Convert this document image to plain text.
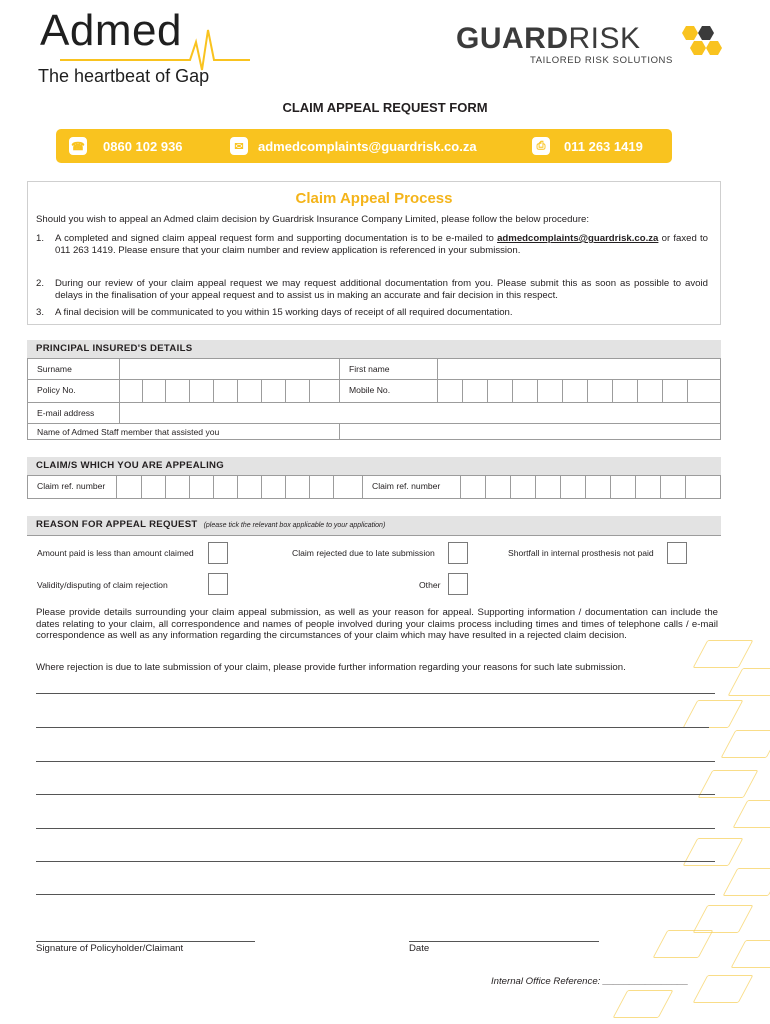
Admed
The heartbeat of Gap
GUARDRISK
TAILORED RISK SOLUTIONS
CLAIM APPEAL REQUEST FORM
☎ 0860 102 936	✉	admedcomplaints@guardrisk.co.za	⎙	011 263 1419
Claim Appeal Process
Should you wish to appeal an Admed claim decision by Guardrisk Insurance Company Limited, please follow the below procedure:
1. A completed and signed claim appeal request form and supporting documentation is to be e-mailed to admedcomplaints@guardrisk.co.za or faxed to 011 263 1419. Please ensure that your claim number and review application is referenced in your submission.
2. During our review of your claim appeal request we may request additional documentation from you. Please submit this as soon as possible to avoid delays in the finalisation of your appeal request and to assist us in making an accurate and fair decision in this respect.
3. A final decision will be communicated to you within 15 working days of receipt of all required documentation.
PRINCIPAL INSURED'S DETAILS
Surname	First name
Policy No.	Mobile No.
E-mail address
Name of Admed Staff member that assisted you
CLAIM/S WHICH YOU ARE APPEALING
Claim ref. number	Claim ref. number
REASON FOR APPEAL REQUEST (please tick the relevant box applicable to your application)
Amount paid is less than amount claimed	Claim rejected due to late submission	Shortfall in internal prosthesis not paid
Validity/disputing of claim rejection	Other
Please provide details surrounding your claim appeal submission, as well as your reason for appeal. Supporting information / documentation can include the dates relating to your claim, all correspondence and names of people involved during your claims process including times and times of telephone calls / e-mail correspondence as well as any information regarding the circumstances of your claim which may have resulted in a rejected claim decision.
Where rejection is due to late submission of your claim, please provide further information regarding your reasons for such late submission.
Signature of Policyholder/Claimant	Date
Internal Office Reference: ________________
